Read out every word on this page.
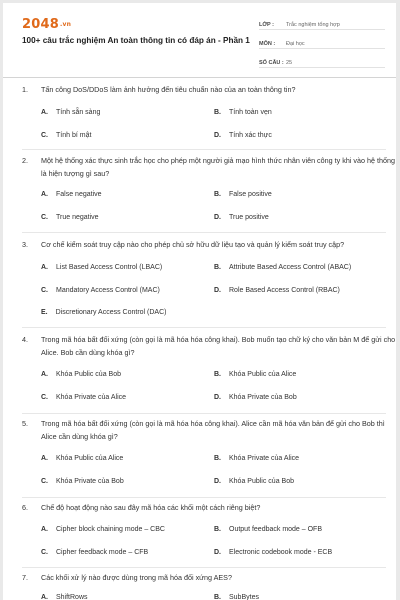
2048.vn
100+ câu trắc nghiệm An toàn thông tin có đáp án - Phần 1
LỚP :	Trắc nghiệm tổng hợp
MÔN :	Đại học
SỐ CÂU : 25
1. Tấn công DoS/DDoS làm ảnh hưởng đến tiêu chuẩn nào của an toàn thông tin?
A. Tính sẵn sàng	B. Tính toàn vẹn
C. Tính bí mật	D. Tính xác thực
2. Một hệ thống xác thực sinh trắc học cho phép một người giả mạo hình thức nhân viên công ty khi vào hệ thống là hiện tượng gì sau?
A. False negative	B. False positive
C. True negative	D. True positive
3. Cơ chế kiểm soát truy cập nào cho phép chủ sở hữu dữ liệu tạo và quản lý kiểm soát truy cập?
A. List Based Access Control (LBAC)	B. Attribute Based Access Control (ABAC)
C. Mandatory Access Control (MAC)	D. Role Based Access Control (RBAC)
E. Discretionary Access Control (DAC)
4. Trong mã hóa bất đối xứng (còn gọi là mã hóa hóa công khai). Bob muốn tạo chữ ký cho văn bản M để gửi cho Alice. Bob cần dùng khóa gì?
A. Khóa Public của Bob	B. Khóa Public của Alice
C. Khóa Private của Alice	D. Khóa Private của Bob
5. Trong mã hóa bất đối xứng (còn gọi là mã hóa hóa công khai). Alice cần mã hóa văn bản để gửi cho Bob thì Alice cần dùng khóa gì?
A. Khóa Public của Alice	B. Khóa Private của Alice
C. Khóa Private của Bob	D. Khóa Public của Bob
6. Chế độ hoạt động nào sau đây mã hóa các khối một cách riêng biệt?
A. Cipher block chaining mode – CBC	B. Output feedback mode – OFB
C. Cipher feedback mode – CFB	D. Electronic codebook mode - ECB
7. Các khối xử lý nào được dùng trong mã hóa đối xứng AES?
A. ShiftRows	B. SubBytes
